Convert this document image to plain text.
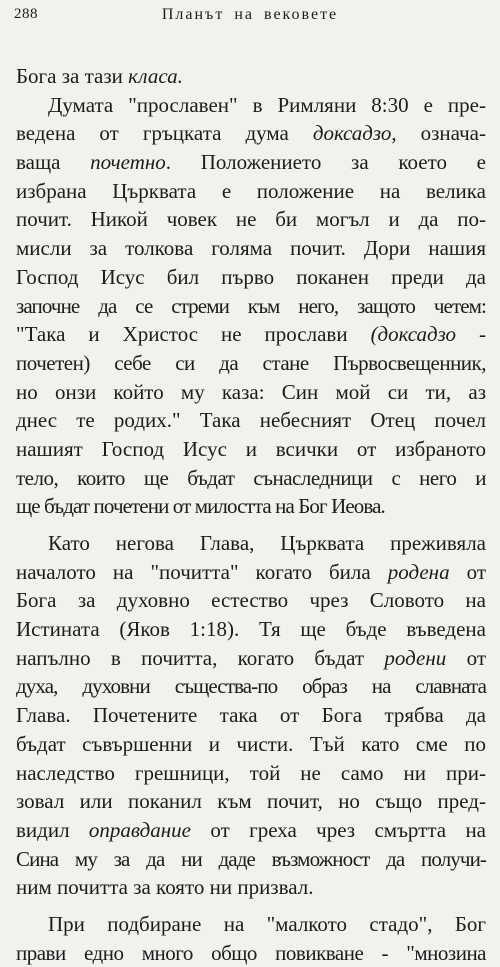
288	Планът на вековете
Бога за тази класа.
Думата "прославен" в Римляни 8:30 е пре-
ведена от гръцката дума доксадзо, означа-
ваща почетно. Положението за което е
избрана Църквата е положение на велика
почит. Никой човек не би могъл и да по-
мисли за толкова голяма почит. Дори нашия
Господ Исус бил първо поканен преди да
започне да се стреми към него, защото четем:
"Така и Христос не прослави (доксадзо -
почетен) себе си да стане Първосвещенник,
но онзи който му каза: Син мой си ти, аз
днес те родих." Така небесният Отец почел
нашият Господ Исус и всички от избраното
тело, които ще бъдат сънаследници с него и
ще бъдат почетени от милостта на Бог Иеова.
Като негова Глава, Църквата преживяла
началото на "почитта" когато била родена от
Бога за духовно естество чрез Словото на
Истината (Яков 1:18). Тя ще бъде въведена
напълно в почитта, когато бъдат родени от
духа, духовни същества-по образ на славната
Глава. Почетените така от Бога трябва да
бъдат съвършенни и чисти. Тъй като сме по
наследство грешници, той не само ни при-
зовал или поканил към почит, но също пред-
видил оправдание от греха чрез смъртта на
Сина му за да ни даде възможност да получи-
ним почитта за която ни призвал.
При подбиране на "малкото стадо", Бог
прави едно много общо повикване - "мнозина
